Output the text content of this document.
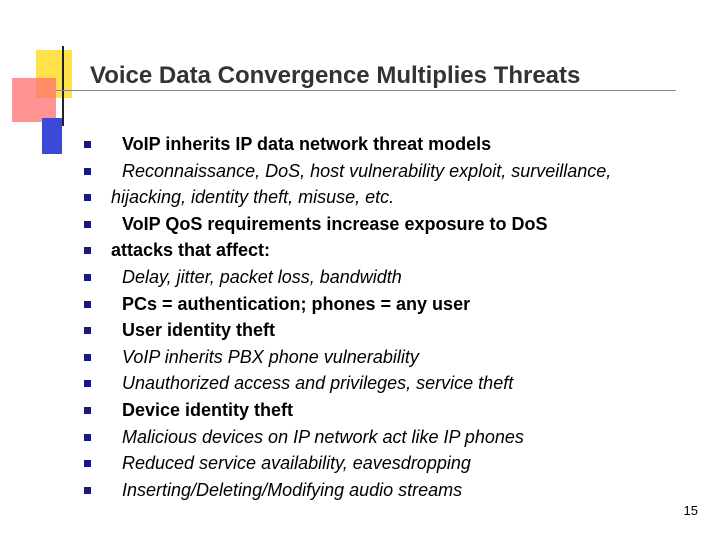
Voice Data Convergence Multiplies Threats
VoIP inherits IP data network threat models
Reconnaissance, DoS, host vulnerability exploit, surveillance,
hijacking, identity theft, misuse, etc.
VoIP QoS requirements increase exposure to DoS
attacks that affect:
Delay, jitter, packet loss, bandwidth
PCs = authentication; phones = any user
User identity theft
VoIP inherits PBX phone vulnerability
Unauthorized access and privileges, service theft
Device identity theft
Malicious devices on IP network act like IP phones
Reduced service availability, eavesdropping
Inserting/Deleting/Modifying audio streams
15
